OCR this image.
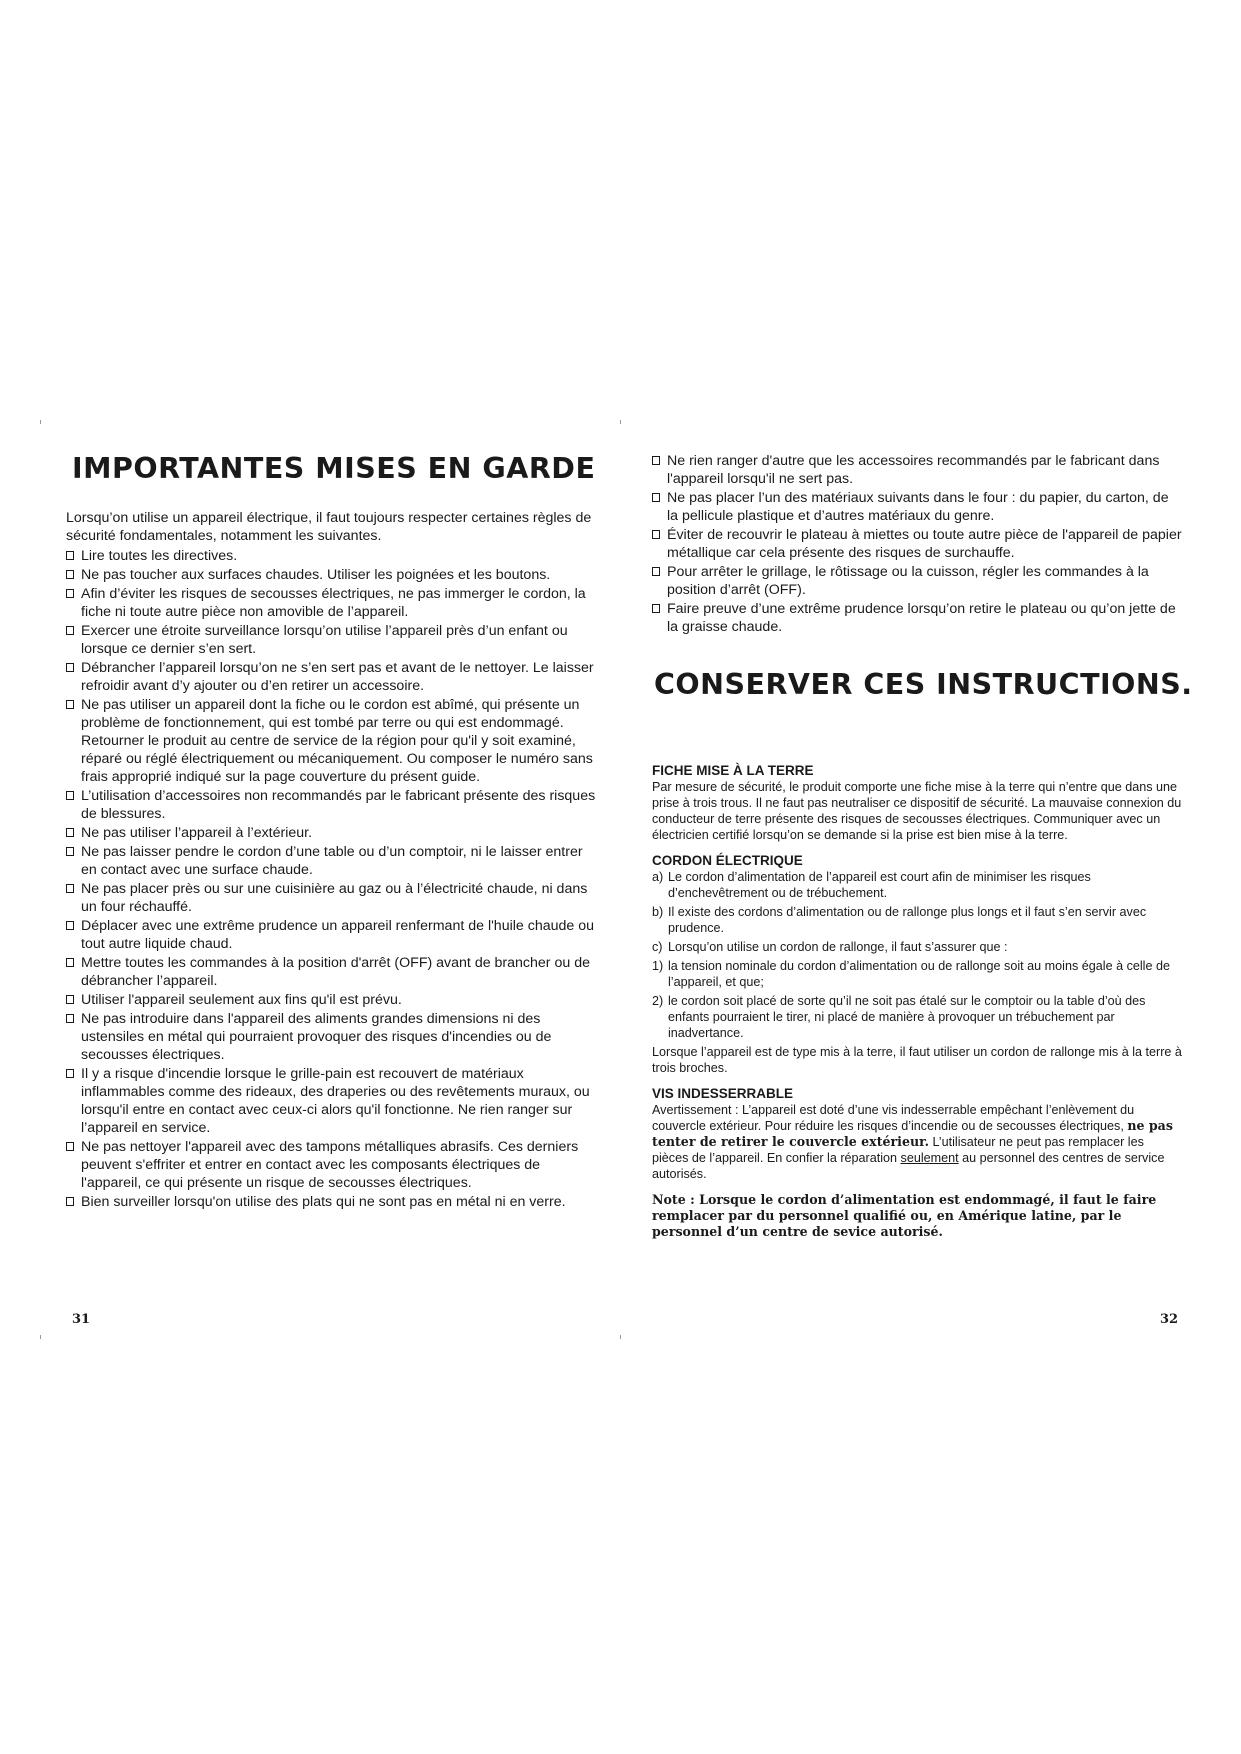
IMPORTANTES MISES EN GARDE

Lorsqu’on utilise un appareil électrique, il faut toujours respecter certaines règles de sécurité fondamentales, notamment les suivantes.

Lire toutes les directives.
Ne pas toucher aux surfaces chaudes. Utiliser les poignées et les boutons.
Afin d’éviter les risques de secousses électriques, ne pas immerger le cordon, la fiche ni toute autre pièce non amovible de l’appareil.
Exercer une étroite surveillance lorsqu’on utilise l’appareil près d’un enfant ou lorsque ce dernier s’en sert.
Débrancher l’appareil lorsqu’on ne s’en sert pas et avant de le nettoyer. Le laisser refroidir avant d’y ajouter ou d’en retirer un accessoire.
Ne pas utiliser un appareil dont la fiche ou le cordon est abîmé, qui présente un problème de fonctionnement, qui est tombé par terre ou qui est endommagé. Retourner le produit au centre de service de la région pour qu'il y soit examiné, réparé ou réglé électriquement ou mécaniquement. Ou composer le numéro sans frais approprié indiqué sur la page couverture du présent guide.
L’utilisation d’accessoires non recommandés par le fabricant présente des risques de blessures.
Ne pas utiliser l’appareil à l’extérieur.
Ne pas laisser pendre le cordon d’une table ou d’un comptoir, ni le laisser entrer en contact avec une surface chaude.
Ne pas placer près ou sur une cuisinière au gaz ou à l’électricité chaude, ni dans un four réchauffé.
Déplacer avec une extrême prudence un appareil renfermant de l'huile chaude ou tout autre liquide chaud.
Mettre toutes les commandes à la position d'arrêt (OFF) avant de brancher ou de débrancher l’appareil.
Utiliser l'appareil seulement aux fins qu'il est prévu.
Ne pas introduire dans l'appareil des aliments grandes dimensions ni des ustensiles en métal qui pourraient provoquer des risques d'incendies ou de secousses électriques.
Il y a risque d'incendie lorsque le grille-pain est recouvert de matériaux inflammables comme des rideaux, des draperies ou des revêtements muraux, ou lorsqu'il entre en contact avec ceux-ci alors qu'il fonctionne. Ne rien ranger sur l’appareil en service.
Ne pas nettoyer l'appareil avec des tampons métalliques abrasifs. Ces derniers peuvent s'effriter et entrer en contact avec les composants électriques de l'appareil, ce qui présente un risque de secousses électriques.
Bien surveiller lorsqu'on utilise des plats qui ne sont pas en métal ni en verre.
31
Ne rien ranger d'autre que les accessoires recommandés par le fabricant dans l'appareil lorsqu'il ne sert pas.
Ne pas placer l’un des matériaux suivants dans le four : du papier, du carton, de la pellicule plastique et d’autres matériaux du genre.
Éviter de recouvrir le plateau à miettes ou toute autre pièce de l'appareil de papier métallique car cela présente des risques de surchauffe.
Pour arrêter le grillage, le rôtissage ou la cuisson, régler les commandes à la position d’arrêt (OFF).
Faire preuve d’une extrême prudence lorsqu’on retire le plateau ou qu’on jette de la graisse chaude.
CONSERVER CES INSTRUCTIONS.
FICHE MISE À LA TERRE

Par mesure de sécurité, le produit comporte une fiche mise à la terre qui n’entre que dans une prise à trois trous. Il ne faut pas neutraliser ce dispositif de sécurité. La mauvaise connexion du conducteur de terre présente des risques de secousses électriques. Communiquer avec un électricien certifié lorsqu’on se demande si la prise est bien mise à la terre.

CORDON ÉLECTRIQUE
a) Le cordon d’alimentation de l’appareil est court afin de minimiser les risques d’enchevêtrement ou de trébuchement.
b) Il existe des cordons d’alimentation ou de rallonge plus longs et il faut s’en servir avec prudence.
c) Lorsqu’on utilise un cordon de rallonge, il faut s’assurer que :
1) la tension nominale du cordon d’alimentation ou de rallonge soit au moins égale à celle de l’appareil, et que;
2) le cordon soit placé de sorte qu’il ne soit pas étalé sur le comptoir ou la table d’où des enfants pourraient le tirer, ni placé de manière à provoquer un trébuchement par inadvertance.

Lorsque l’appareil est de type mis à la terre, il faut utiliser un cordon de rallonge mis à la terre à trois broches.

VIS INDESSERRABLE

Avertissement : L’appareil est doté d’une vis indesserrable empêchant l’enlèvement du couvercle extérieur. Pour réduire les risques d’incendie ou de secousses électriques, ne pas tenter de retirer le couvercle extérieur. L’utilisateur ne peut pas remplacer les pièces de l’appareil. En confier la réparation seulement au personnel des centres de service autorisés.

Note : Lorsque le cordon d’alimentation est endommagé, il faut le faire remplacer par du personnel qualifié ou, en Amérique latine, par le personnel d’un centre de sevice autorisé.

32
